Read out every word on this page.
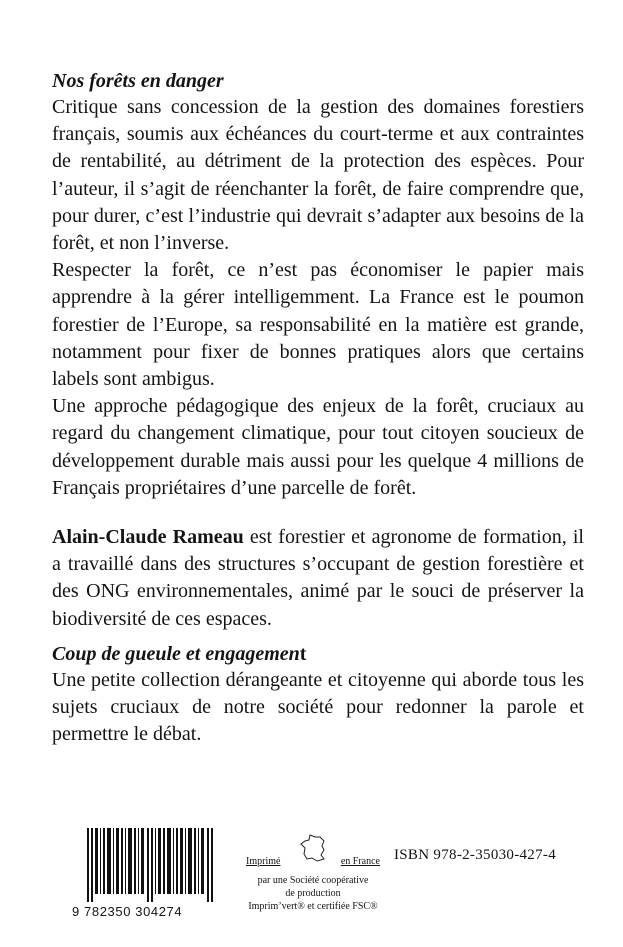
Nos forêts en danger

Critique sans concession de la gestion des domaines forestiers français, soumis aux échéances du court-terme et aux contraintes de rentabilité, au détriment de la protection des espèces. Pour l’auteur, il s’agit de réenchanter la forêt, de faire comprendre que, pour durer, c’est l’industrie qui devrait s’adapter aux besoins de la forêt, et non l’inverse.

Respecter la forêt, ce n’est pas économiser le papier mais apprendre à la gérer intelligemment. La France est le poumon forestier de l’Europe, sa responsabilité en la matière est grande, notamment pour fixer de bonnes pratiques alors que certains labels sont ambigus.

Une approche pédagogique des enjeux de la forêt, cruciaux au regard du changement climatique, pour tout citoyen soucieux de développement durable mais aussi pour les quelque 4 millions de Français propriétaires d’une parcelle de forêt.

Alain-Claude Rameau est forestier et agronome de formation, il a travaillé dans des structures s’occupant de gestion forestière et des ONG environnementales, animé par le souci de préserver la biodiversité de ces espaces.

Coup de gueule et engagement

Une petite collection dérangeante et citoyenne qui aborde tous les sujets cruciaux de notre société pour redonner la parole et permettre le débat.

9 782350 304274
Imprimé	en France
par une Société coopérative
de production
Imprim’vert® et certifiée FSC®
ISBN 978-2-35030-427-4
